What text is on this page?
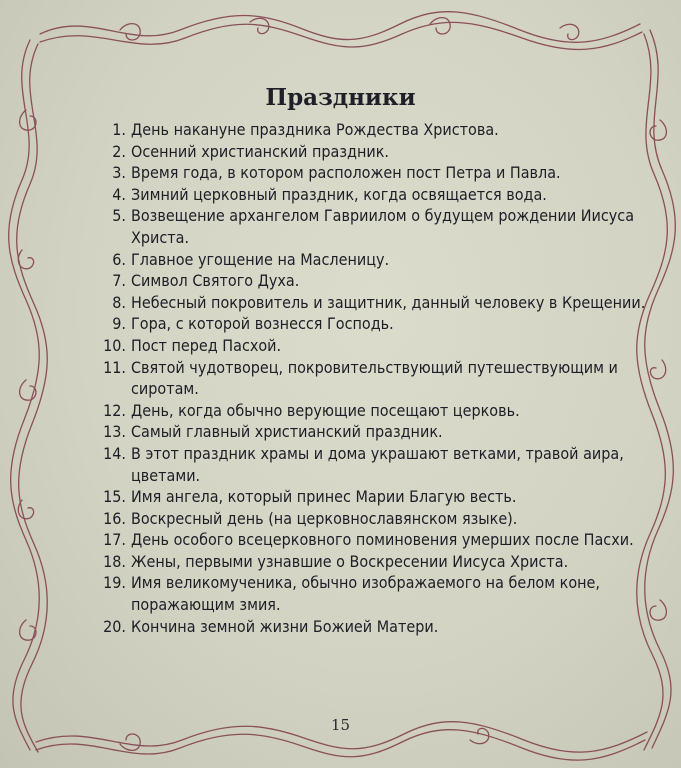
Праздники
1. День накануне праздника Рождества Христова.
2. Осенний христианский праздник.
3. Время года, в котором расположен пост Петра и Павла.
4. Зимний церковный праздник, когда освящается вода.
5. Возвещение архангелом Гавриилом о будущем рождении Иисуса Христа.
6. Главное угощение на Масленицу.
7. Символ Святого Духа.
8. Небесный покровитель и защитник, данный человеку в Крещении.
9. Гора, с которой вознесся Господь.
10. Пост перед Пасхой.
11. Святой чудотворец, покровительствующий путешествующим и сиротам.
12. День, когда обычно верующие посещают церковь.
13. Самый главный христианский праздник.
14. В этот праздник храмы и дома украшают ветками, травой аира, цветами.
15. Имя ангела, который принес Марии Благую весть.
16. Воскресный день (на церковнославянском языке).
17. День особого всецерковного поминовения умерших после Пасхи.
18. Жены, первыми узнавшие о Воскресении Иисуса Христа.
19. Имя великомученика, обычно изображаемого на белом коне, поражающим змия.
20. Кончина земной жизни Божией Матери.
15
